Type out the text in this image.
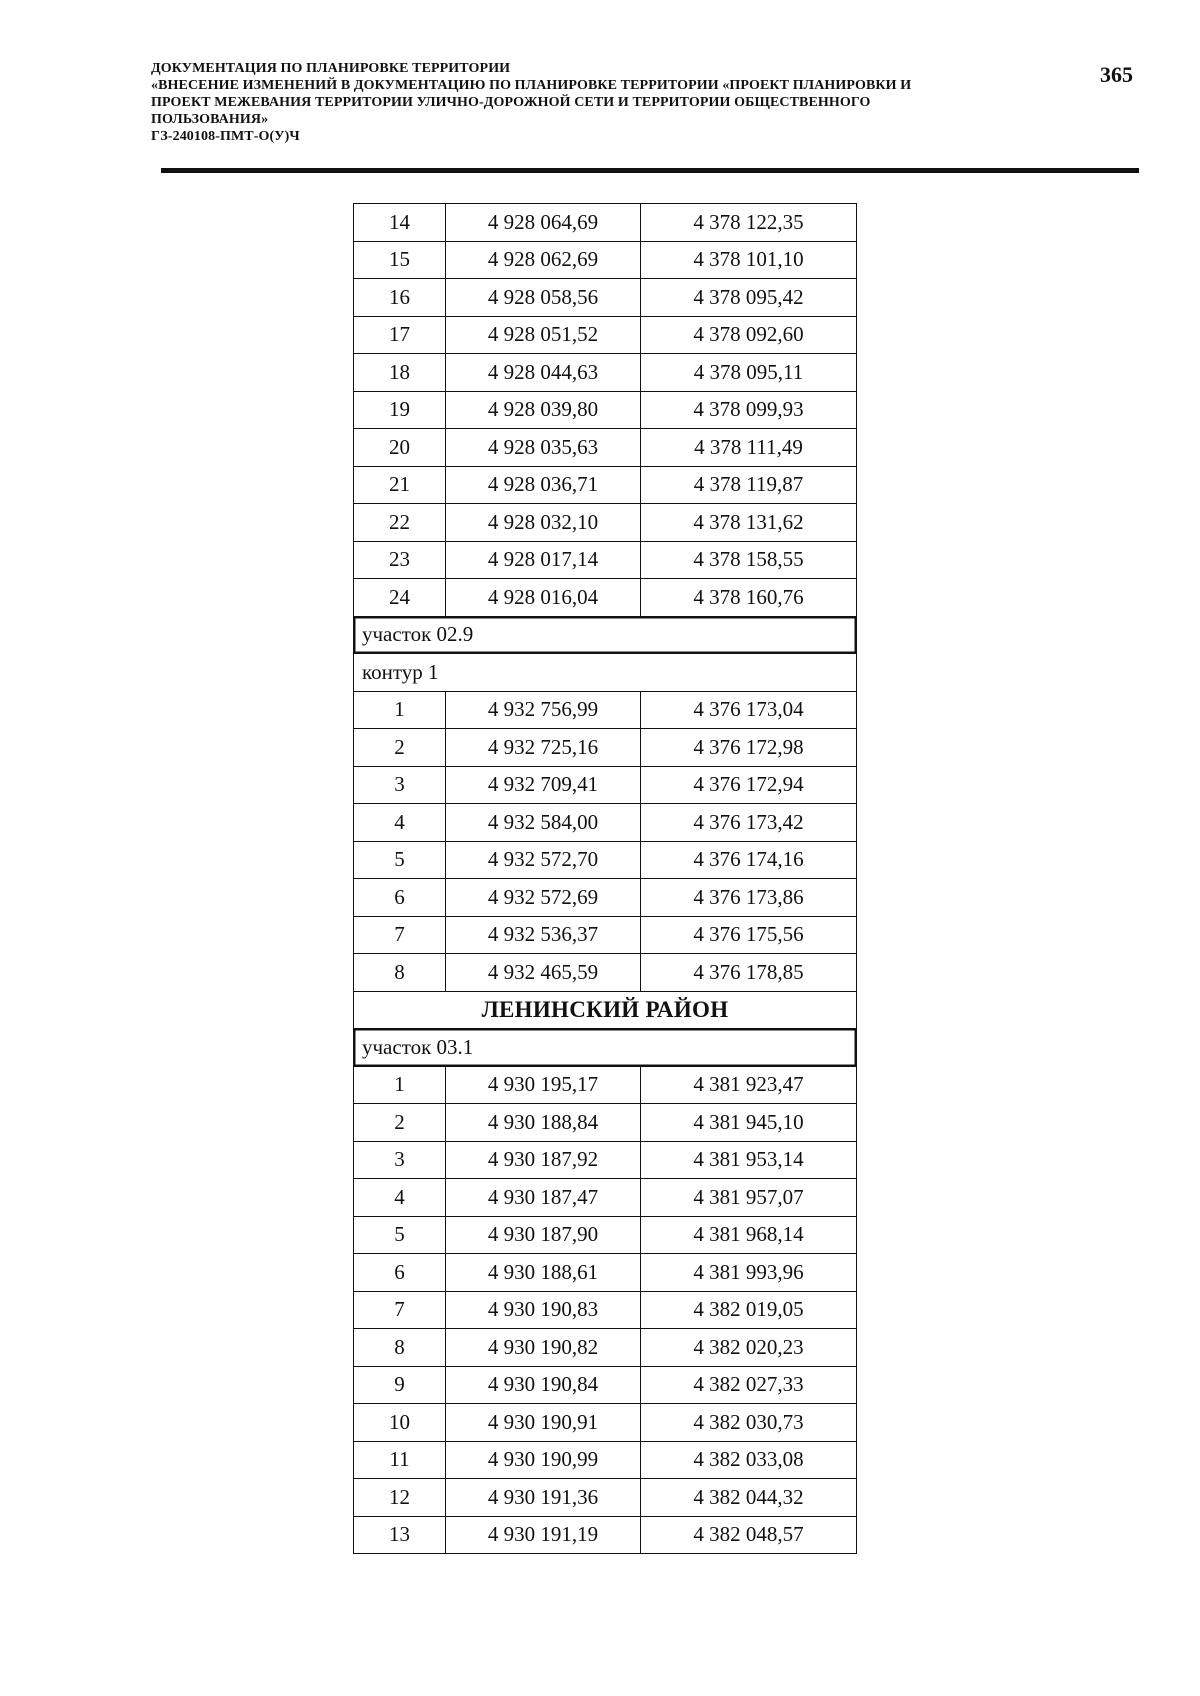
ДОКУМЕНТАЦИЯ ПО ПЛАНИРОВКЕ ТЕРРИТОРИИ
«ВНЕСЕНИЕ ИЗМЕНЕНИЙ В ДОКУМЕНТАЦИЮ ПО ПЛАНИРОВКЕ ТЕРРИТОРИИ «ПРОЕКТ ПЛАНИРОВКИ И
ПРОЕКТ МЕЖЕВАНИЯ ТЕРРИТОРИИ УЛИЧНО-ДОРОЖНОЙ СЕТИ И ТЕРРИТОРИИ ОБЩЕСТВЕННОГО
ПОЛЬЗОВАНИЯ»
ГЗ-240108-ПМТ-О(У)Ч
365
14	4 928 064,69	4 378 122,35
15	4 928 062,69	4 378 101,10
16	4 928 058,56	4 378 095,42
17	4 928 051,52	4 378 092,60
18	4 928 044,63	4 378 095,11
19	4 928 039,80	4 378 099,93
20	4 928 035,63	4 378 111,49
21	4 928 036,71	4 378 119,87
22	4 928 032,10	4 378 131,62
23	4 928 017,14	4 378 158,55
24	4 928 016,04	4 378 160,76
участок 02.9		
контур 1		
1	4 932 756,99	4 376 173,04
2	4 932 725,16	4 376 172,98
3	4 932 709,41	4 376 172,94
4	4 932 584,00	4 376 173,42
5	4 932 572,70	4 376 174,16
6	4 932 572,69	4 376 173,86
7	4 932 536,37	4 376 175,56
8	4 932 465,59	4 376 178,85
ЛЕНИНСКИЙ РАЙОН		
участок 03.1		
1	4 930 195,17	4 381 923,47
2	4 930 188,84	4 381 945,10
3	4 930 187,92	4 381 953,14
4	4 930 187,47	4 381 957,07
5	4 930 187,90	4 381 968,14
6	4 930 188,61	4 381 993,96
7	4 930 190,83	4 382 019,05
8	4 930 190,82	4 382 020,23
9	4 930 190,84	4 382 027,33
10	4 930 190,91	4 382 030,73
11	4 930 190,99	4 382 033,08
12	4 930 191,36	4 382 044,32
13	4 930 191,19	4 382 048,57
